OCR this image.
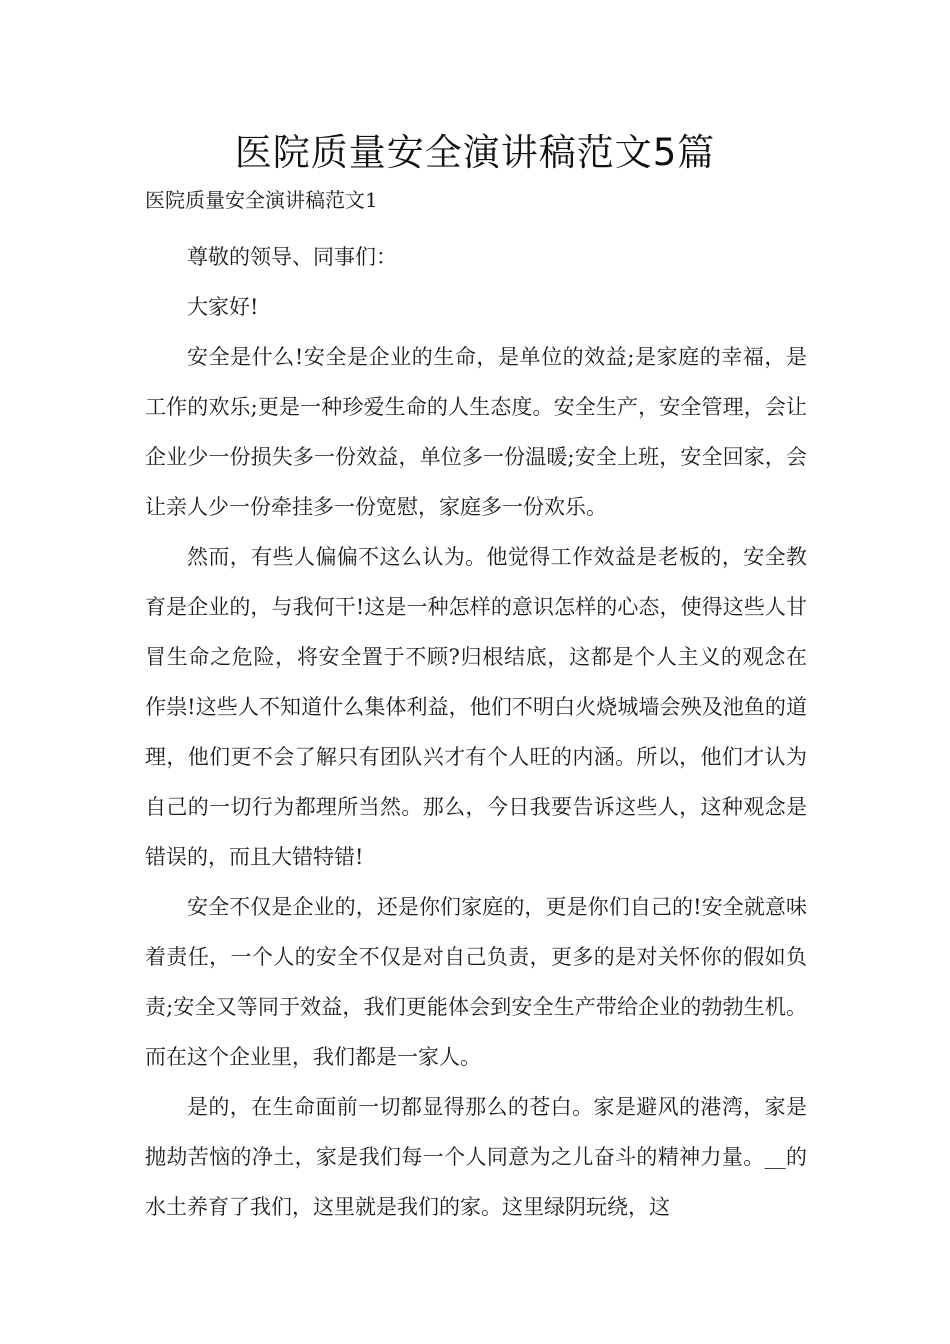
医院质量安全演讲稿范文5篇
医院质量安全演讲稿范文1

尊敬的领导、同事们：

大家好!

安全是什么!安全是企业的生命，是单位的效益;是家庭的幸福，是工作的欢乐;更是一种珍爱生命的人生态度。安全生产，安全管理，会让企业少一份损失多一份效益，单位多一份温暖;安全上班，安全回家，会让亲人少一份牵挂多一份宽慰，家庭多一份欢乐。

然而，有些人偏偏不这么认为。他觉得工作效益是老板的，安全教育是企业的，与我何干!这是一种怎样的意识怎样的心态，使得这些人甘冒生命之危险，将安全置于不顾?归根结底，这都是个人主义的观念在作祟!这些人不知道什么集体利益，他们不明白火烧城墙会殃及池鱼的道理，他们更不会了解只有团队兴才有个人旺的内涵。所以，他们才认为自己的一切行为都理所当然。那么，今日我要告诉这些人，这种观念是错误的，而且大错特错!

安全不仅是企业的，还是你们家庭的，更是你们自己的!安全就意味着责任，一个人的安全不仅是对自己负责，更多的是对关怀你的假如负责;安全又等同于效益，我们更能体会到安全生产带给企业的勃勃生机。而在这个企业里，我们都是一家人。

是的，在生命面前一切都显得那么的苍白。家是避风的港湾，家是抛劫苦恼的净土，家是我们每一个人同意为之儿奋斗的精神力量。__的水土养育了我们，这里就是我们的家。这里绿阴玩绕，这
